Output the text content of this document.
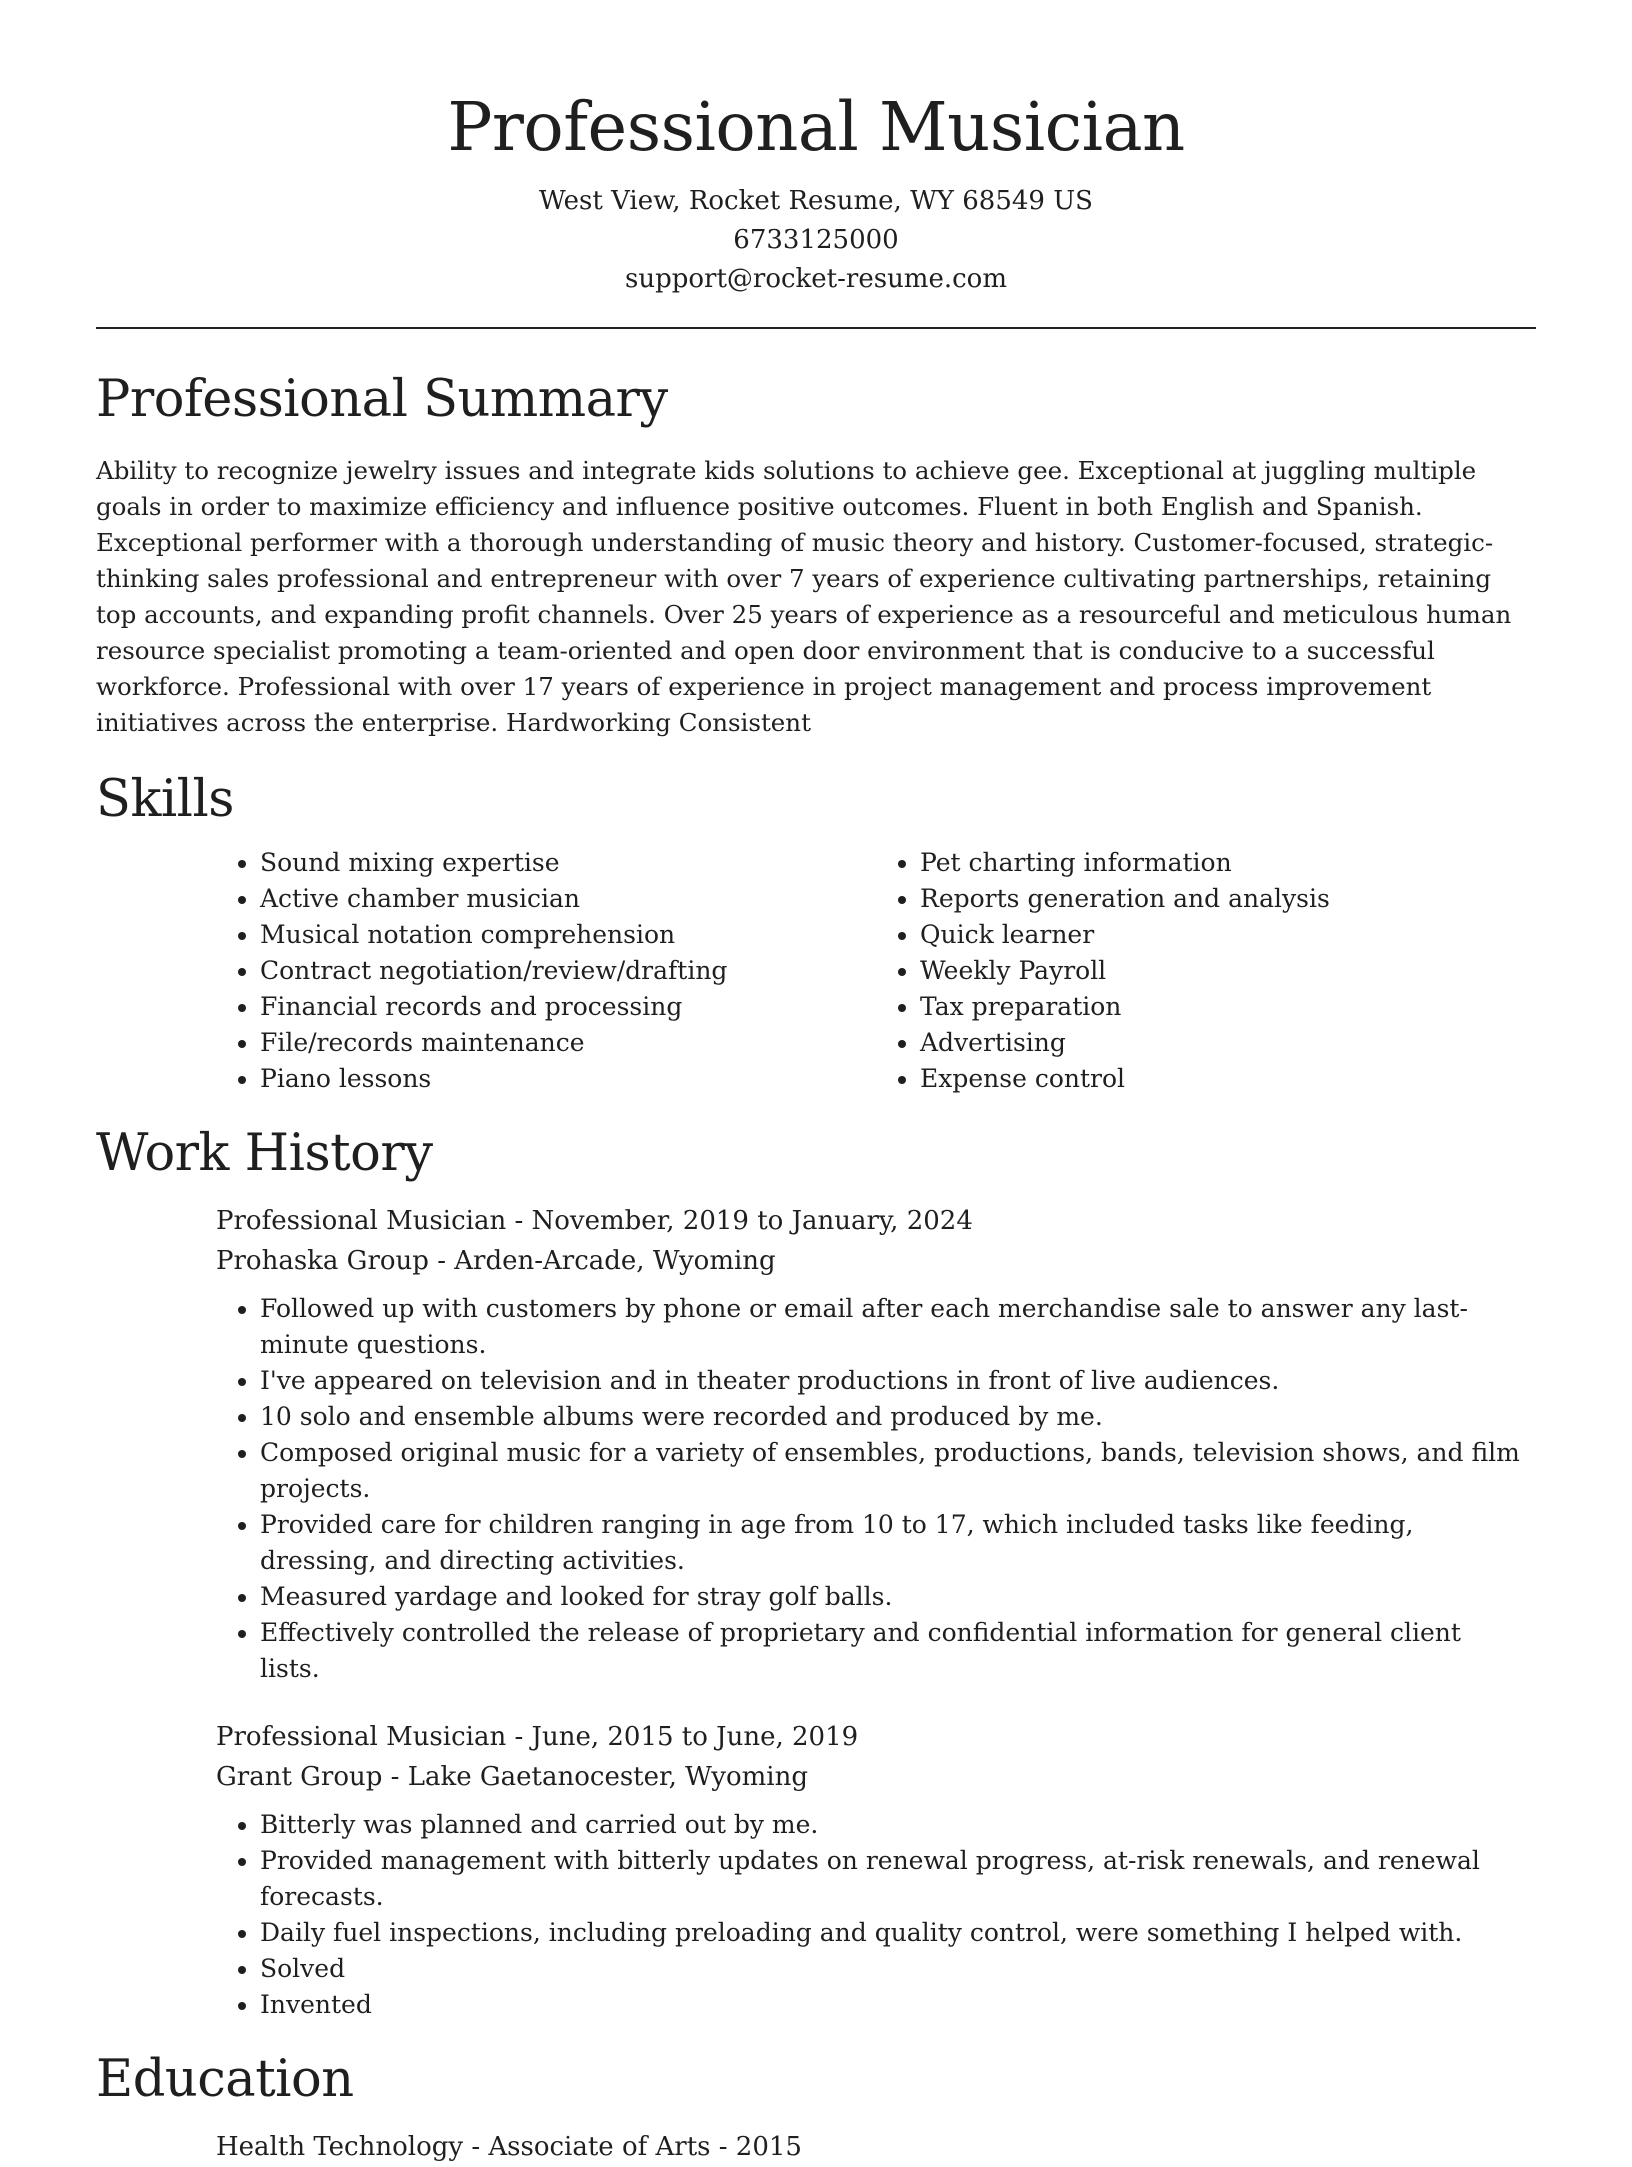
Professional Musician
West View, Rocket Resume, WY 68549 US
6733125000
support@rocket-resume.com
Professional Summary

Ability to recognize jewelry issues and integrate kids solutions to achieve gee. Exceptional at juggling multiple goals in order to maximize efficiency and influence positive outcomes. Fluent in both English and Spanish. Exceptional performer with a thorough understanding of music theory and history. Customer-focused, strategic-thinking sales professional and entrepreneur with over 7 years of experience cultivating partnerships, retaining top accounts, and expanding profit channels. Over 25 years of experience as a resourceful and meticulous human resource specialist promoting a team-oriented and open door environment that is conducive to a successful workforce. Professional with over 17 years of experience in project management and process improvement initiatives across the enterprise. Hardworking Consistent

Skills
• Sound mixing expertise
• Active chamber musician
• Musical notation comprehension
• Contract negotiation/review/drafting
• Financial records and processing
• File/records maintenance
• Piano lessons
• Pet charting information
• Reports generation and analysis
• Quick learner
• Weekly Payroll
• Tax preparation
• Advertising
• Expense control
Work History
Professional Musician - November, 2019 to January, 2024
Prohaska Group - Arden-Arcade, Wyoming
• Followed up with customers by phone or email after each merchandise sale to answer any last-minute questions.
• I've appeared on television and in theater productions in front of live audiences.
• 10 solo and ensemble albums were recorded and produced by me.
• Composed original music for a variety of ensembles, productions, bands, television shows, and film projects.
• Provided care for children ranging in age from 10 to 17, which included tasks like feeding, dressing, and directing activities.
• Measured yardage and looked for stray golf balls.
• Effectively controlled the release of proprietary and confidential information for general client lists.
Professional Musician - June, 2015 to June, 2019
Grant Group - Lake Gaetanocester, Wyoming
• Bitterly was planned and carried out by me.
• Provided management with bitterly updates on renewal progress, at-risk renewals, and renewal forecasts.
• Daily fuel inspections, including preloading and quality control, were something I helped with.
• Solved
• Invented
Education
Health Technology - Associate of Arts - 2015
